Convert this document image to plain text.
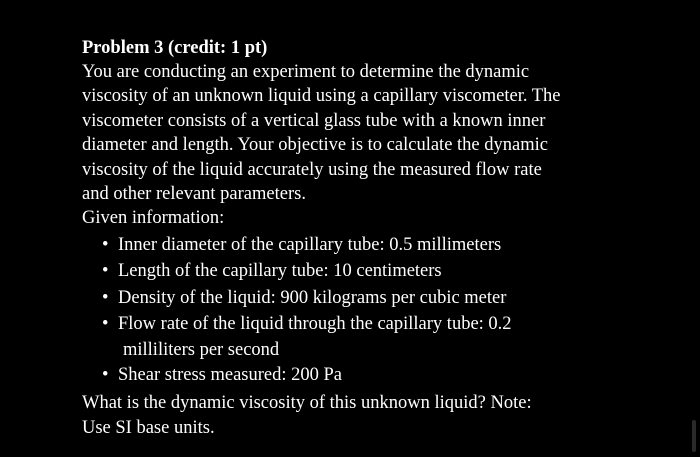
Problem 3 (credit: 1 pt)

You are conducting an experiment to determine the dynamic
viscosity of an unknown liquid using a capillary viscometer. The
viscometer consists of a vertical glass tube with a known inner
diameter and length. Your objective is to calculate the dynamic
viscosity of the liquid accurately using the measured flow rate
and other relevant parameters.
Given information:

• Inner diameter of the capillary tube: 0.5 millimeters
• Length of the capillary tube: 10 centimeters
• Density of the liquid: 900 kilograms per cubic meter
• Flow rate of the liquid through the capillary tube: 0.2
milliliters per second
• Shear stress measured: 200 Pa

What is the dynamic viscosity of this unknown liquid? Note:
Use SI base units.
